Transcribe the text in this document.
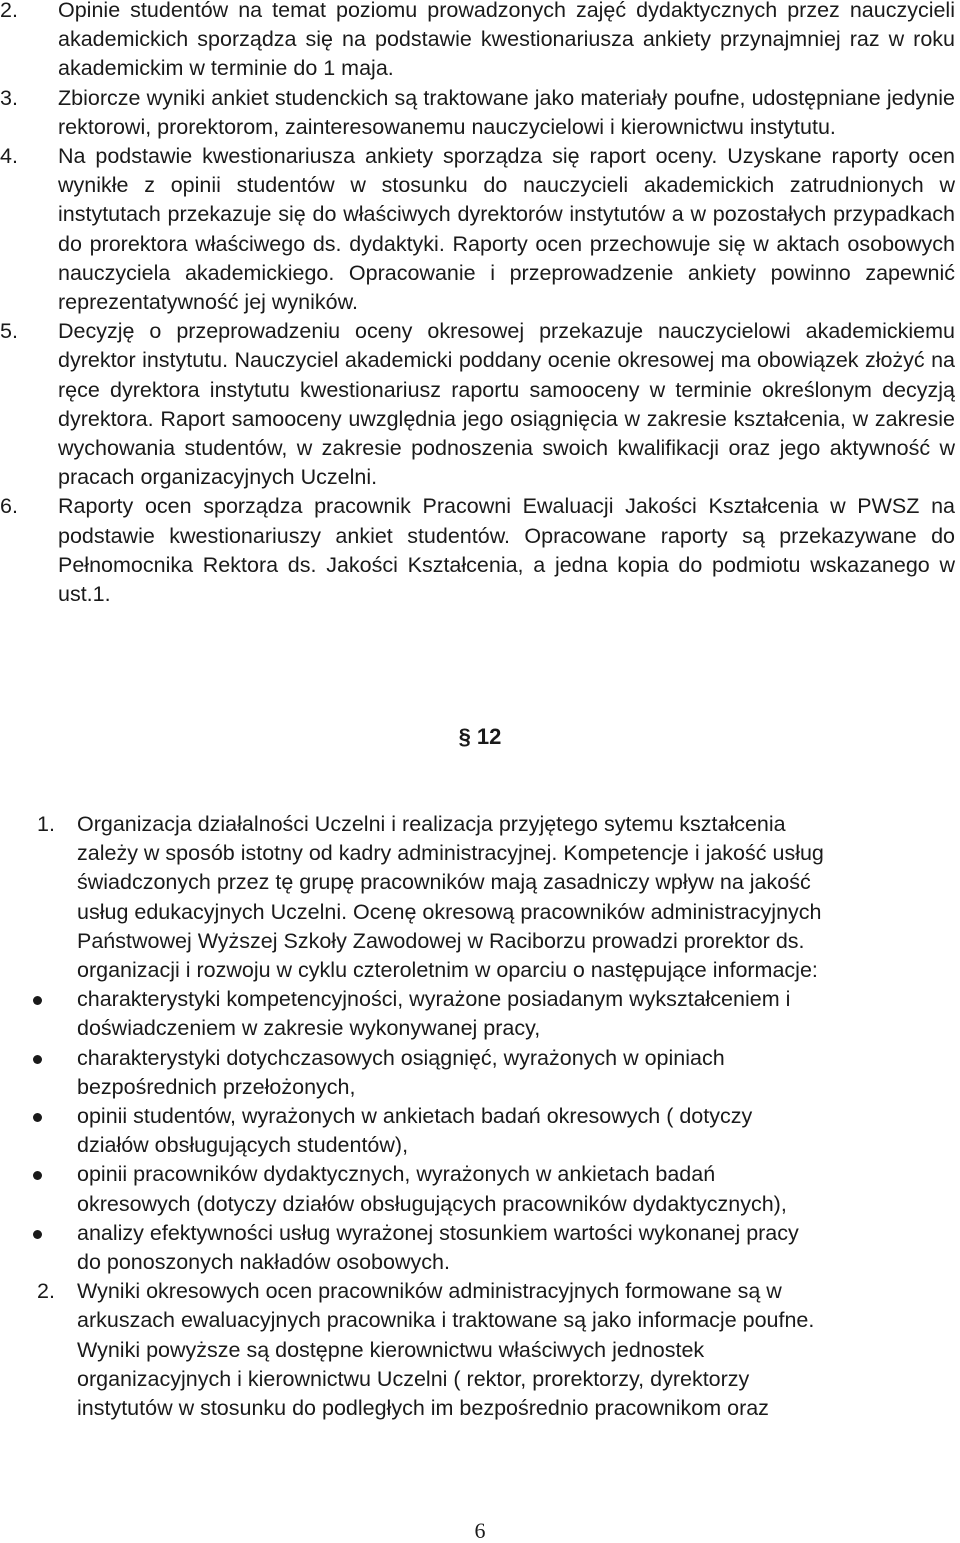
2. Opinie studentów na temat poziomu prowadzonych zajęć dydaktycznych przez nauczycieli akademickich sporządza się na podstawie kwestionariusza ankiety przynajmniej raz w roku akademickim w terminie do 1 maja.
3. Zbiorcze wyniki ankiet studenckich są traktowane jako materiały poufne, udostępniane jedynie rektorowi, prorektorom, zainteresowanemu nauczycielowi i kierownictwu instytutu.
4. Na podstawie kwestionariusza ankiety sporządza się raport oceny. Uzyskane raporty ocen wynikłe z opinii studentów w stosunku do nauczycieli akademickich zatrudnionych w instytutach przekazuje się do właściwych dyrektorów instytutów a w pozostałych przypadkach do prorektora właściwego ds. dydaktyki. Raporty ocen przechowuje się w aktach osobowych nauczyciela akademickiego. Opracowanie i przeprowadzenie ankiety powinno zapewnić reprezentatywność jej wyników.
5. Decyzję o przeprowadzeniu oceny okresowej przekazuje nauczycielowi akademickiemu dyrektor instytutu. Nauczyciel akademicki poddany ocenie okresowej ma obowiązek złożyć na ręce dyrektora instytutu kwestionariusz raportu samooceny w terminie określonym decyzją dyrektora. Raport samooceny uwzględnia jego osiągnięcia w zakresie kształcenia, w zakresie wychowania studentów, w zakresie podnoszenia swoich kwalifikacji oraz jego aktywność w pracach organizacyjnych Uczelni.
6. Raporty ocen sporządza pracownik Pracowni Ewaluacji Jakości Kształcenia w PWSZ na podstawie kwestionariuszy ankiet studentów. Opracowane raporty są przekazywane do Pełnomocnika Rektora ds. Jakości Kształcenia, a jedna kopia do podmiotu wskazanego w ust.1.
§ 12
1. Organizacja działalności Uczelni i realizacja przyjętego sytemu kształcenia
zależy w sposób istotny od kadry administracyjnej. Kompetencje i jakość usług
świadczonych przez tę grupę pracowników mają zasadniczy wpływ na jakość
usług edukacyjnych Uczelni. Ocenę okresową pracowników administracyjnych
Państwowej Wyższej Szkoły Zawodowej w Raciborzu prowadzi prorektor ds.
organizacji i rozwoju w cyklu czteroletnim w oparciu o następujące informacje:
charakterystyki kompetencyjności, wyrażone posiadanym wykształceniem i
doświadczeniem w zakresie wykonywanej pracy,
charakterystyki dotychczasowych osiągnięć, wyrażonych w opiniach
bezpośrednich przełożonych,
opinii studentów, wyrażonych w ankietach badań okresowych ( dotyczy
działów obsługujących studentów),
opinii pracowników dydaktycznych, wyrażonych w ankietach badań
okresowych (dotyczy działów obsługujących pracowników dydaktycznych),
analizy efektywności usług wyrażonej stosunkiem wartości wykonanej pracy
do ponoszonych nakładów osobowych.
2. Wyniki okresowych ocen pracowników administracyjnych formowane są w
arkuszach ewaluacyjnych pracownika i traktowane są jako informacje poufne.
Wyniki powyższe są dostępne kierownictwu właściwych jednostek
organizacyjnych i kierownictwu Uczelni ( rektor, prorektorzy, dyrektorzy
instytutów w stosunku do podległych im bezpośrednio pracownikom oraz
6
